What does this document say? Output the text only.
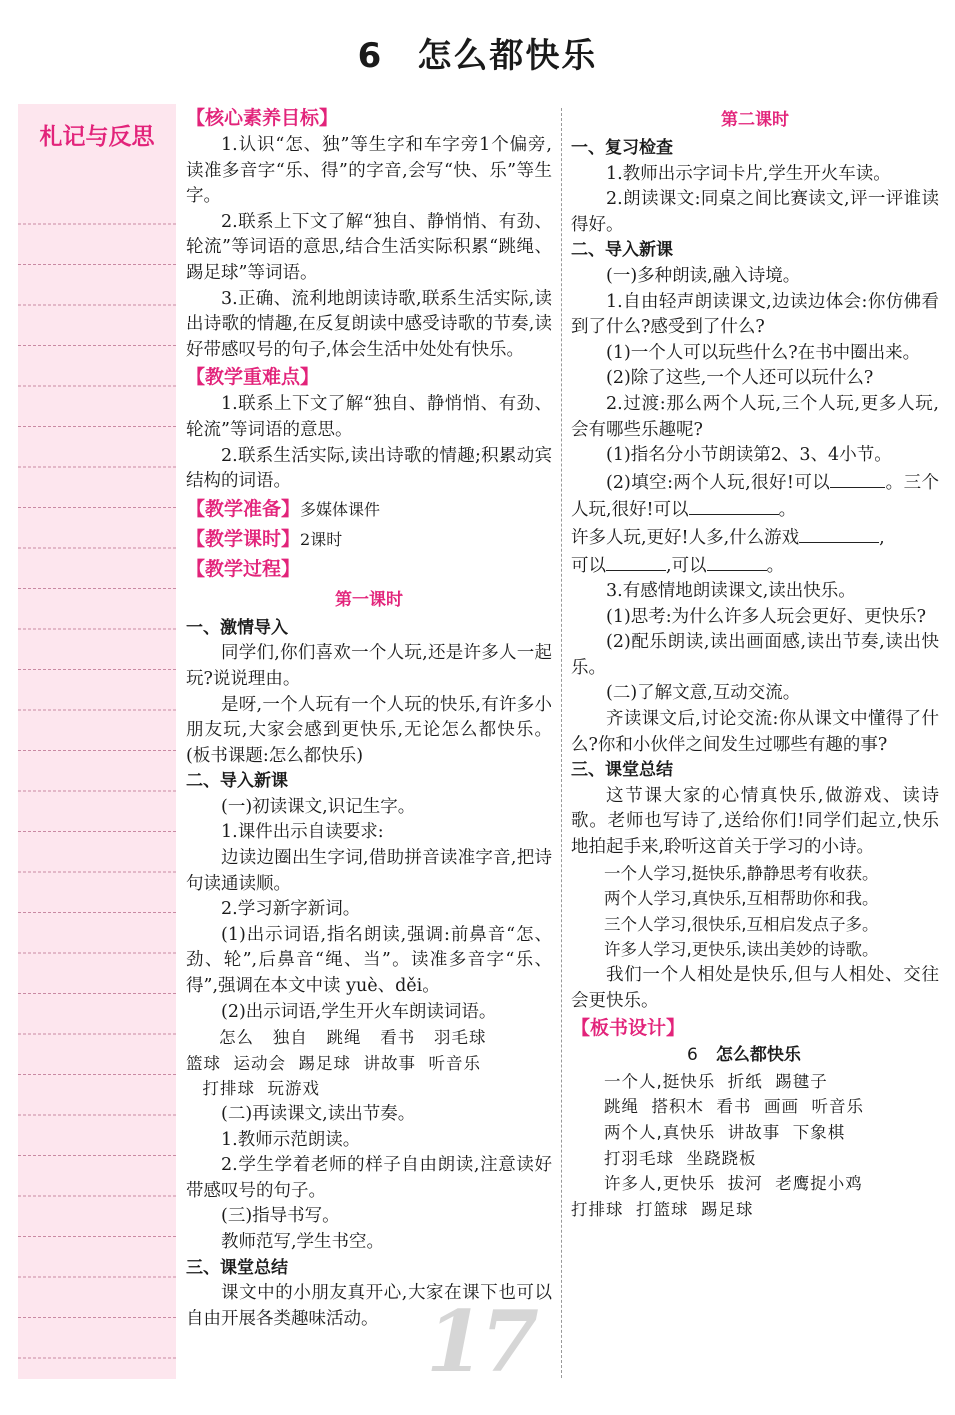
6 怎么都快乐
札记与反思

【核心素养目标】

1.认识“怎、独”等生字和车字旁1个偏旁,读准多音字“乐、得”的字音,会写“快、乐”等生字。

2.联系上下文了解“独自、静悄悄、有劲、轮流”等词语的意思,结合生活实际积累“跳绳、踢足球”等词语。

3.正确、流利地朗读诗歌,联系生活实际,读出诗歌的情趣,在反复朗读中感受诗歌的节奏,读好带感叹号的句子,体会生活中处处有快乐。

【教学重难点】

1.联系上下文了解“独自、静悄悄、有劲、轮流”等词语的意思。

2.联系生活实际,读出诗歌的情趣;积累动宾结构的词语。

【教学准备】多媒体课件

【教学课时】2课时

【教学过程】

第一课时

一、激情导入

同学们,你们喜欢一个人玩,还是许多人一起玩?说说理由。

是呀,一个人玩有一个人玩的快乐,有许多小朋友玩,大家会感到更快乐,无论怎么都快乐。(板书课题:怎么都快乐)

二、导入新课

(一)初读课文,识记生字。

1.课件出示自读要求:

边读边圈出生字词,借助拼音读准字音,把诗句读通读顺。

2.学习新字新词。

(1)出示词语,指名朗读,强调:前鼻音“怎、劲、轮”,后鼻音“绳、当”。读准多音字“乐、得”,强调在本文中读 yuè、děi。

(2)出示词语,学生开火车朗读词语。

怎么   独自   跳绳   看书   羽毛球

篮球  运动会  踢足球  讲故事  听音乐

打排球  玩游戏

(二)再读课文,读出节奏。

1.教师示范朗读。

2.学生学着老师的样子自由朗读,注意读好带感叹号的句子。

(三)指导书写。

教师范写,学生书空。

三、课堂总结

课文中的小朋友真开心,大家在课下也可以自由开展各类趣味活动。

第二课时

一、复习检查

1.教师出示字词卡片,学生开火车读。

2.朗读课文:同桌之间比赛读文,评一评谁读得好。

二、导入新课

(一)多种朗读,融入诗境。

1.自由轻声朗读课文,边读边体会:你仿佛看到了什么?感受到了什么?

(1)一个人可以玩些什么?在书中圈出来。

(2)除了这些,一个人还可以玩什么?

2.过渡:那么两个人玩,三个人玩,更多人玩,会有哪些乐趣呢?

(1)指名分小节朗读第2、3、4小节。

(2)填空:两个人玩,很好!可以	。三个人玩,很好!可以	。
许多人玩,更好!人多,什么游戏	,
可以	,可以	。

3.有感情地朗读课文,读出快乐。

(1)思考:为什么许多人玩会更好、更快乐?

(2)配乐朗读,读出画面感,读出节奏,读出快乐。

(二)了解文意,互动交流。

齐读课文后,讨论交流:你从课文中懂得了什么?你和小伙伴之间发生过哪些有趣的事?

三、课堂总结

这节课大家的心情真快乐,做游戏、读诗歌。老师也写诗了,送给你们!同学们起立,快乐地拍起手来,聆听这首关于学习的小诗。

一个人学习,挺快乐,静静思考有收获。

两个人学习,真快乐,互相帮助你和我。

三个人学习,很快乐,互相启发点子多。

许多人学习,更快乐,读出美妙的诗歌。

我们一个人相处是快乐,但与人相处、交往会更快乐。

【板书设计】

6 怎么都快乐

一个人,挺快乐  折纸  踢毽子

跳绳  搭积木  看书  画画  听音乐

两个人,真快乐  讲故事  下象棋

打羽毛球  坐跷跷板

许多人,更快乐  拔河  老鹰捉小鸡

打排球  打篮球  踢足球

17
